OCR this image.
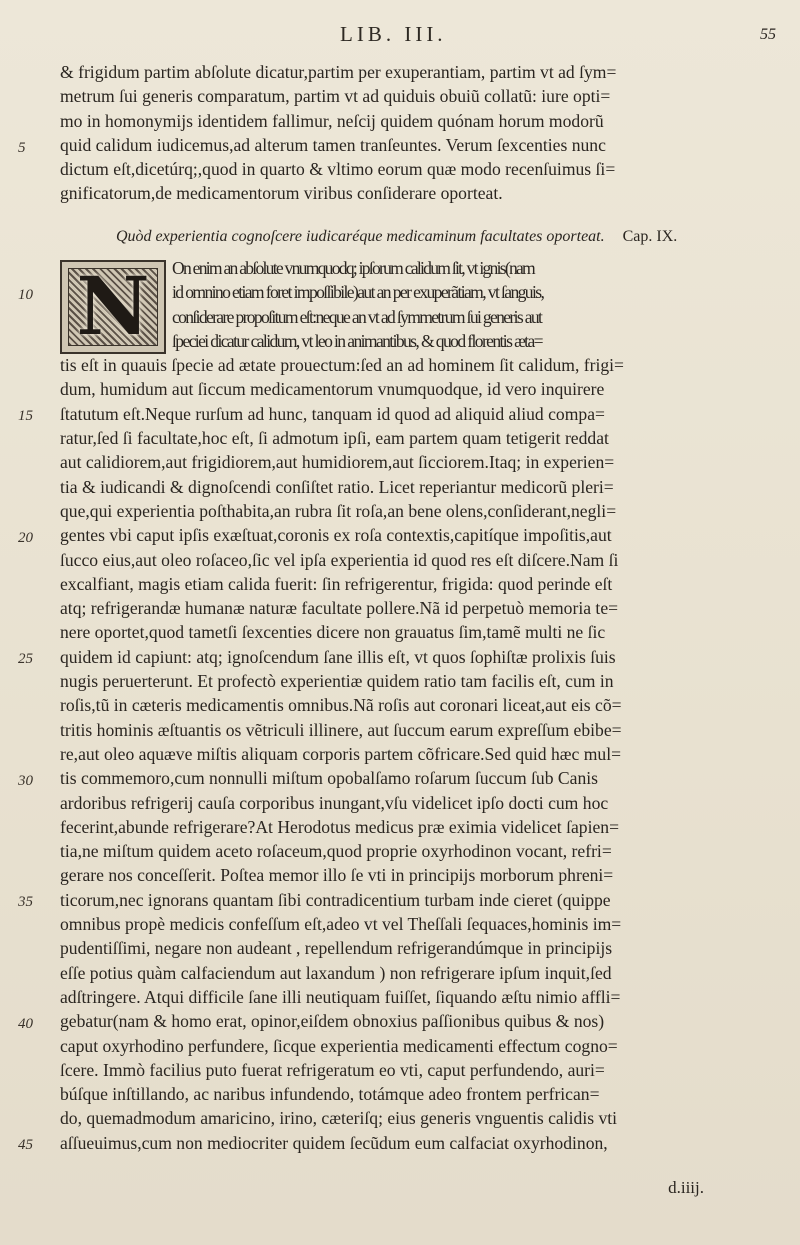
LIB. III.	55
& frigidum partim abſolute dicatur,partim per exuperantiam, partim vt ad ſym=
metrum ſui generis comparatum, partim vt ad quiduis obuiũ collatũ: iure opti=
mo in homonymijs identidem fallimur, neſcij quidem quónam horum modorũ
quid calidum iudicemus,ad alterum tamen tranſeuntes. Verum ſexcenties nunc
dictum eſt,dicetúrq;,quod in quarto & vltimo eorum quæ modo recenſuimus ſi=
gnificatorum,de medicamentorum viribus conſiderare oporteat.
Quòd experientia cognoſcere iudicaréque medicaminum facultates oporteat. Cap. IX.
N	On enim an abſolute vnumquodq; ipſorum calidum ſit, vt ignis(nam
id omnino etiam foret impoſſibile)aut an per exuperãtiam, vt ſanguis,
conſiderare propoſitum eſt:neque an vt ad ſymmetrum ſui generis aut
ſpeciei dicatur calidum, vt leo in animantibus, & quod florentis æta=
tis eſt in quauis ſpecie ad ætate prouectum:ſed an ad hominem ſit calidum, frigi=
dum, humidum aut ſiccum medicamentorum vnumquodque, id vero inquirere
ſtatutum eſt.Neque rurſum ad hunc, tanquam id quod ad aliquid aliud compa=
ratur,ſed ſi facultate,hoc eſt, ſi admotum ipſi, eam partem quam tetigerit reddat
aut calidiorem,aut frigidiorem,aut humidiorem,aut ſicciorem.Itaq; in experien=
tia & iudicandi & dignoſcendi conſiſtet ratio. Licet reperiantur medicorũ pleri=
que,qui experientia poſthabita,an rubra ſit roſa,an bene olens,conſiderant,negli=
gentes vbi caput ipſis exæſtuat,coronis ex roſa contextis,capitíque impoſitis,aut
ſucco eius,aut oleo roſaceo,ſic vel ipſa experientia id quod res eſt diſcere.Nam ſi
excalfiant, magis etiam calida fuerit: ſin refrigerentur, frigida: quod perinde eſt
atq; refrigerandæ humanæ naturæ facultate pollere.Nã id perpetuò memoria te=
nere oportet,quod tametſi ſexcenties dicere non grauatus ſim,tamẽ multi ne ſic
quidem id capiunt: atq; ignoſcendum ſane illis eſt, vt quos ſophiſtæ prolixis ſuis
nugis peruerterunt. Et profectò experientiæ quidem ratio tam facilis eſt, cum in
roſis,tũ in cæteris medicamentis omnibus.Nã roſis aut coronari liceat,aut eis cõ=
tritis hominis æſtuantis os vẽtriculi illinere, aut ſuccum earum expreſſum ebibe=
re,aut oleo aquæve miſtis aliquam corporis partem cõfricare.Sed quid hæc mul=
tis commemoro,cum nonnulli miſtum opobalſamo roſarum ſuccum ſub Canis
ardoribus refrigerij cauſa corporibus inungant,vſu videlicet ipſo docti cum hoc
fecerint,abunde refrigerare?At Herodotus medicus præ eximia videlicet ſapien=
tia,ne miſtum quidem aceto roſaceum,quod proprie oxyrhodinon vocant, refri=
gerare nos conceſſerit. Poſtea memor illo ſe vti in principijs morborum phreni=
ticorum,nec ignorans quantam ſibi contradicentium turbam inde cieret (quippe
omnibus propè medicis confeſſum eſt,adeo vt vel Theſſali ſequaces,hominis im=
pudentiſſimi, negare non audeant , repellendum refrigerandúmque in principijs
eſſe potius quàm calfaciendum aut laxandum ) non refrigerare ipſum inquit,ſed
adſtringere. Atqui difficile ſane illi neutiquam fuiſſet, ſiquando æſtu nimio affli=
gebatur(nam & homo erat, opinor,eiſdem obnoxius paſſionibus quibus & nos)
caput oxyrhodino perfundere, ſicque experientia medicamenti effectum cogno=
ſcere. Immò facilius puto fuerat refrigeratum eo vti, caput perfundendo, auri=
búſque inſtillando, ac naribus infundendo, totámque adeo frontem perfrican=
do, quemadmodum amaricino, irino, cæteriſq; eius generis vnguentis calidis vti
aſſueuimus,cum non mediocriter quidem ſecũdum eum calfaciat oxyrhodinon,
5
10
15
20
25
30
35
40
45
d.iiij.
